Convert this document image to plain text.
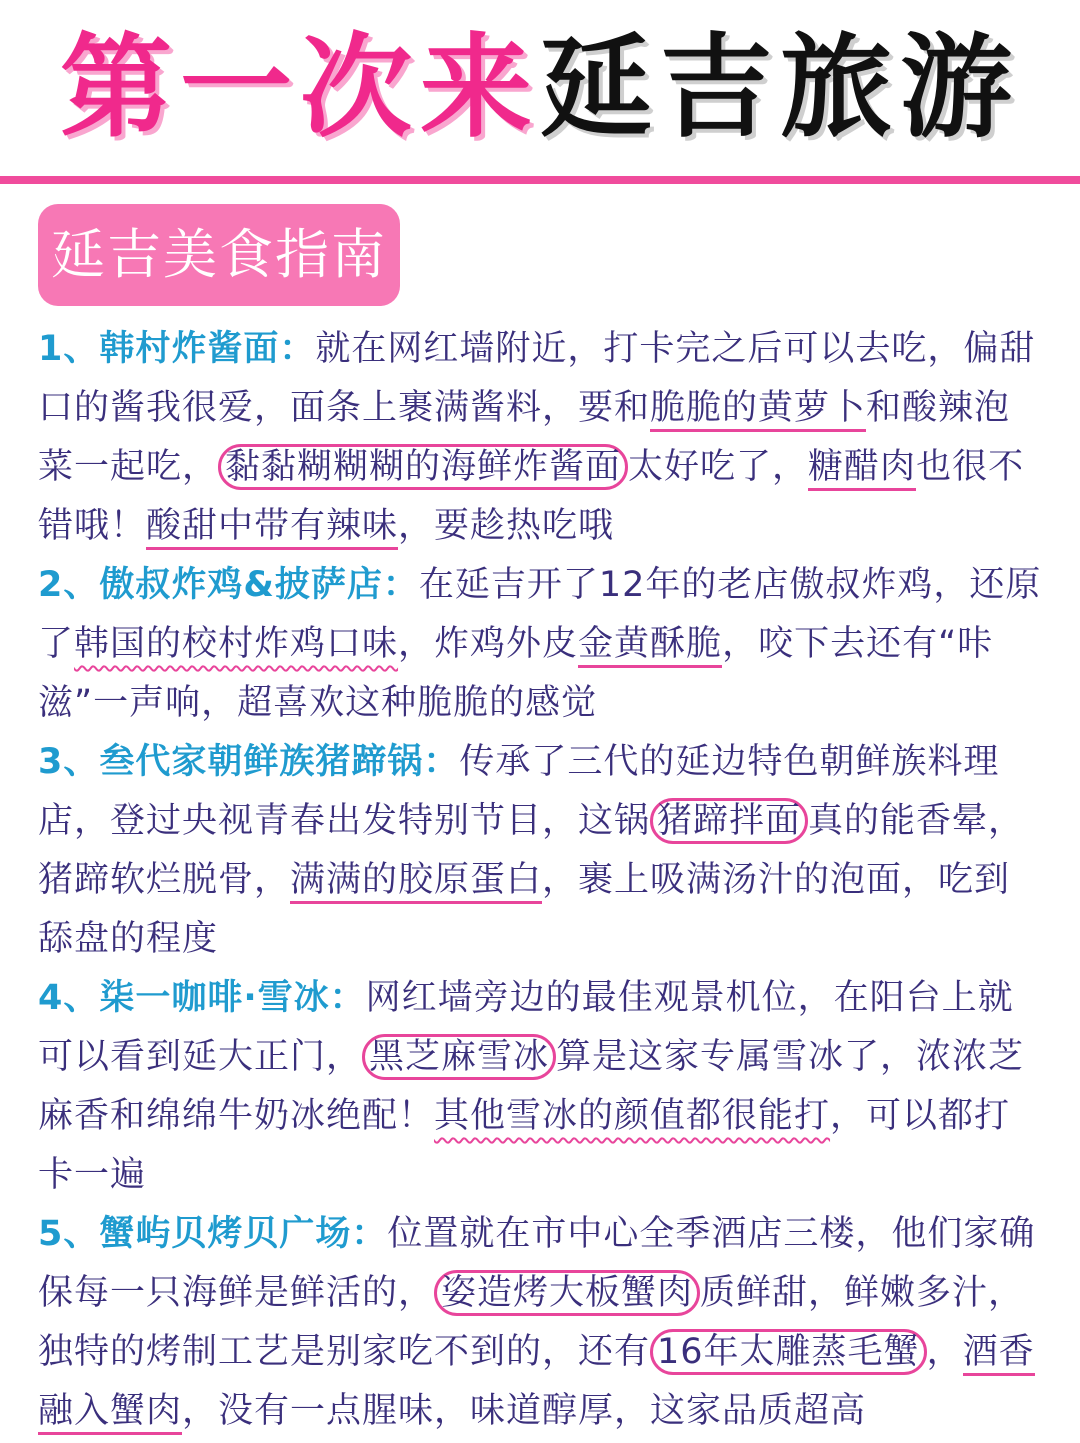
第一次来延吉旅游
延吉美食指南

1、韩村炸酱面：就在网红墙附近，打卡完之后可以去吃，偏甜口的酱我很爱，面条上裹满酱料，要和脆脆的黄萝卜和酸辣泡菜一起吃， 黏黏糊糊糊的海鲜炸酱面 太好吃了，糖醋肉也很不错哦！酸甜中带有辣味，要趁热吃哦

2、傲叔炸鸡&披萨店：在延吉开了12年的老店傲叔炸鸡，还原了韩国的校村炸鸡口味，炸鸡外皮金黄酥脆，咬下去还有“咔滋”一声响，超喜欢这种脆脆的感觉

3、叁代家朝鲜族猪蹄锅：传承了三代的延边特色朝鲜族料理店，登过央视青春出发特别节目，这锅 猪蹄拌面 真的能香晕，猪蹄软烂脱骨，满满的胶原蛋白，裹上吸满汤汁的泡面，吃到舔盘的程度

4、柒一咖啡·雪冰：网红墙旁边的最佳观景机位，在阳台上就可以看到延大正门， 黑芝麻雪冰 算是这家专属雪冰了，浓浓芝麻香和绵绵牛奶冰绝配！其他雪冰的颜值都很能打，可以都打卡一遍

5、蟹屿贝烤贝广场：位置就在市中心全季酒店三楼，他们家确保每一只海鲜是鲜活的， 姿造烤大板蟹肉 质鲜甜，鲜嫩多汁，独特的烤制工艺是别家吃不到的，还有 16年太雕蒸毛蟹 ，酒香融入蟹肉，没有一点腥味，味道醇厚，这家品质超高
